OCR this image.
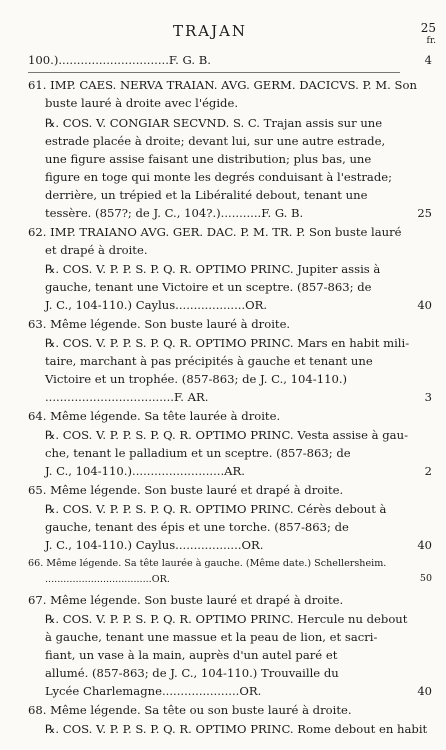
TRAJAN	25
fr.
100.)..............................F. G. B.	4
61. IMP. CAES. NERVA TRAIAN. AVG. GERM. DACICVS. P. M. Son
buste lauré à droite avec l'égide.
℞. COS. V. CONGIAR SECVND. S. C. Trajan assis sur une
estrade placée à droite; devant lui, sur une autre estrade,
une figure assise faisant une distribution; plus bas, une
figure en toge qui monte les degrés conduisant à l'estrade;
derrière, un trépied et la Libéralité debout, tenant une
tessère. (857?; de J. C., 104?.)...........F. G. B.	25
62. IMP. TRAIANO AVG. GER. DAC. P. M. TR. P. Son buste lauré
et drapé à droite.
℞. COS. V. P. P. S. P. Q. R. OPTIMO PRINC. Jupiter assis à
gauche, tenant une Victoire et un sceptre. (857-863; de
J. C., 104-110.) Caylus...................OR.	40
63. Même légende. Son buste lauré à droite.
℞. COS. V. P. P. S. P. Q. R. OPTIMO PRINC. Mars en habit mili-
taire, marchant à pas précipités à gauche et tenant une
Victoire et un trophée. (857-863; de J. C., 104-110.)
...................................F. AR.	3
64. Même légende. Sa tête laurée à droite.
℞. COS. V. P. P. S. P. Q. R. OPTIMO PRINC. Vesta assise à gau-
che, tenant le palladium et un sceptre. (857-863; de
J. C., 104-110.).........................AR.	2
65. Même légende. Son buste lauré et drapé à droite.
℞. COS. V. P. P. S. P. Q. R. OPTIMO PRINC. Cérès debout à
gauche, tenant des épis et une torche. (857-863; de
J. C., 104-110.) Caylus..................OR.	40
66. Même légende. Sa tête laurée à gauche. (Même date.) Schellersheim.
...................................OR.	50
67. Même légende. Son buste lauré et drapé à droite.
℞. COS. V. P. P. S. P. Q. R. OPTIMO PRINC. Hercule nu debout
à gauche, tenant une massue et la peau de lion, et sacri-
fiant, un vase à la main, auprès d'un autel paré et
allumé. (857-863; de J. C., 104-110.) Trouvaille du
Lycée Charlemagne.....................OR.	40
68. Même légende. Sa tête ou son buste lauré à droite.
℞. COS. V. P. P. S. P. Q. R. OPTIMO PRINC. Rome debout en habit
